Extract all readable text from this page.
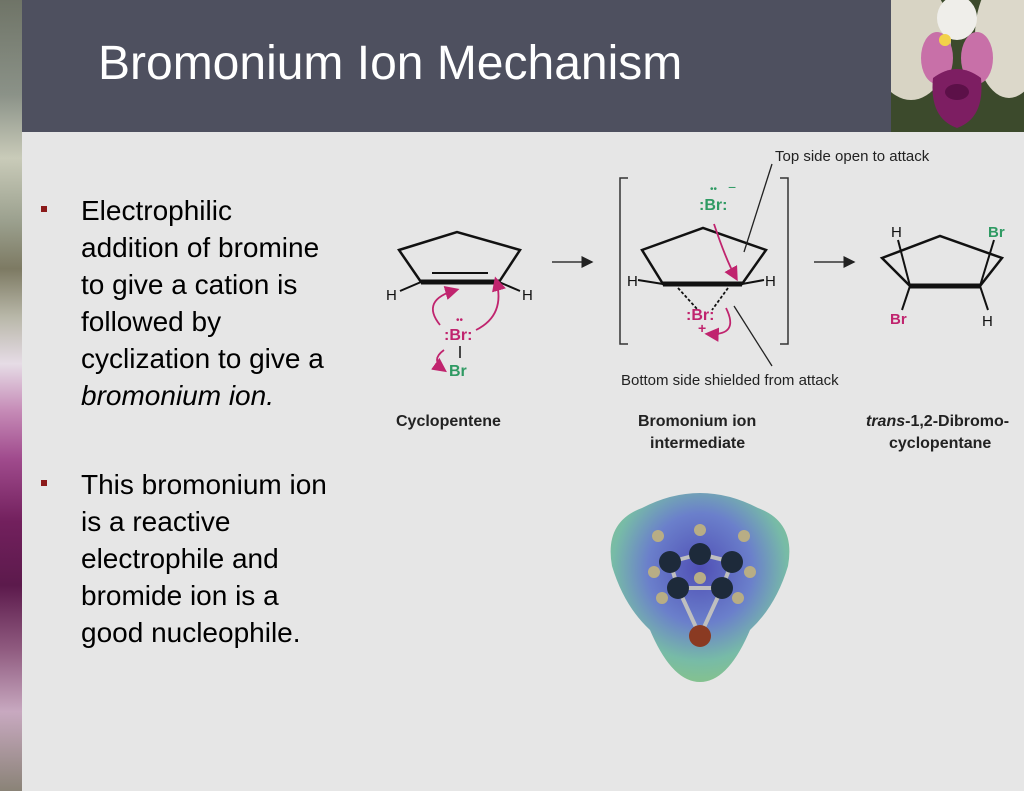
Bromonium Ion Mechanism
Electrophilic
addition of bromine
to give a cation is
followed by
cyclization to give a
bromonium ion.
This bromonium ion
is a reactive
electrophile and
bromide ion is a
good nucleophile.
H	H
:Br:
••
Br
Cyclopentene
H	H
:Br:
+
:Br:
•• −
Top side open to attack
Bottom side shielded from attack
Bromonium ion
intermediate
H	Br
Br	H
trans-1,2-Dibromo-
cyclopentane
